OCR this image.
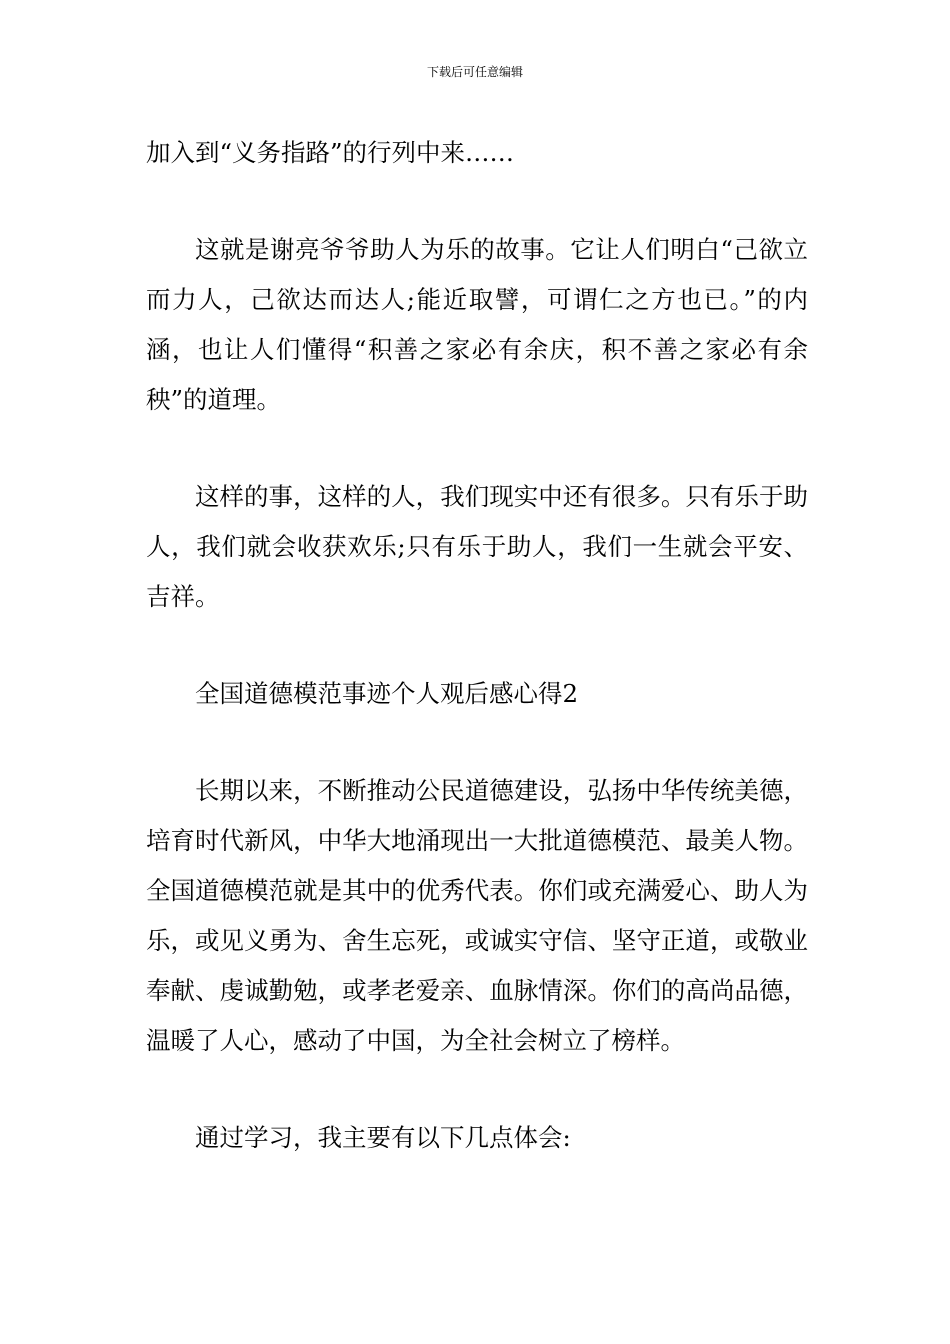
下载后可任意编辑

加入到“义务指路”的行列中来……

这就是谢亮爷爷助人为乐的故事。它让人们明白“己欲立而力人，己欲达而达人;能近取譬，可谓仁之方也已。”的内涵，也让人们懂得“积善之家必有余庆，积不善之家必有余秧”的道理。

这样的事，这样的人，我们现实中还有很多。只有乐于助人，我们就会收获欢乐;只有乐于助人，我们一生就会平安、吉祥。

全国道德模范事迹个人观后感心得2

长期以来，不断推动公民道德建设，弘扬中华传统美德，培育时代新风，中华大地涌现出一大批道德模范、最美人物。全国道德模范就是其中的优秀代表。你们或充满爱心、助人为乐，或见义勇为、舍生忘死，或诚实守信、坚守正道，或敬业奉献、虔诚勤勉，或孝老爱亲、血脉情深。你们的高尚品德，温暖了人心，感动了中国，为全社会树立了榜样。

通过学习，我主要有以下几点体会:
